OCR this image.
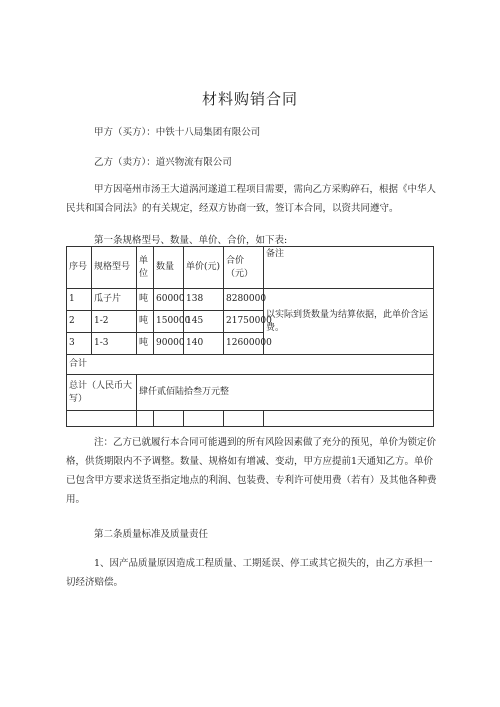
材料购销合同
甲方（买方）：中铁十八局集团有限公司
乙方（卖方）：道兴物流有限公司
甲方因亳州市汤王大道涡河遂道工程项目需要，需向乙方采购碎石，根据《中华人民共和国合同法》的有关规定，经双方协商一致，签订本合同，以资共同遵守。
第一条规格型号、数量、单价、合价，如下表:
序号	规格型号	单位	数量	单价(元)	合价（元）	备注
1	瓜子片	吨	60000	138	8280000	以实际到货数量为结算依据，此单价含运费。
2	1-2	吨	150000	145	21750000	
3	1-3	吨	90000	140	12600000	
合计						
总计（人民币大写）		肆仟贰佰陆拾叁万元整				

注：乙方已就履行本合同可能遇到的所有风险因素做了充分的预见，单价为锁定价格，供货期限内不予调整。数量、规格如有增减、变动，甲方应提前1天通知乙方。单价已包含甲方要求送货至指定地点的利润、包装费、专利许可使用费（若有）及其他各种费用。
第二条质量标准及质量责任
1、因产品质量原因造成工程质量、工期延误、停工或其它损失的，由乙方承担一切经济赔偿。
